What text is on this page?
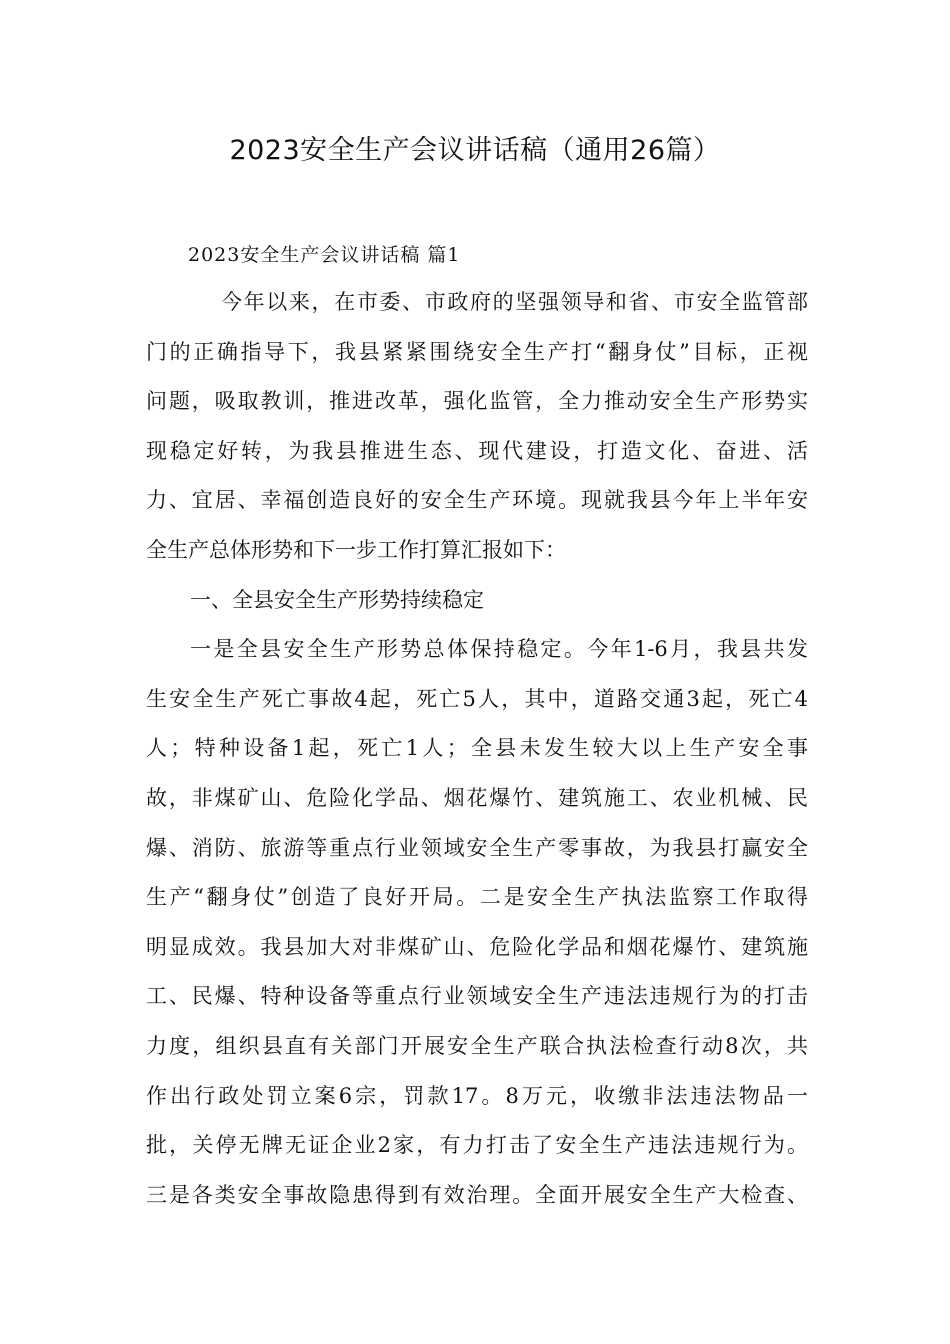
2023安全生产会议讲话稿（通用26篇）
2023安全生产会议讲话稿 篇1
今年以来，在市委、市政府的坚强领导和省、市安全监管部
门的正确指导下，我县紧紧围绕安全生产打“翻身仗”目标，正视
问题，吸取教训，推进改革，强化监管，全力推动安全生产形势实
现稳定好转，为我县推进生态、现代建设，打造文化、奋进、活
力、宜居、幸福创造良好的安全生产环境。现就我县今年上半年安
全生产总体形势和下一步工作打算汇报如下：
一、全县安全生产形势持续稳定
一是全县安全生产形势总体保持稳定。今年1-6月，我县共发
生安全生产死亡事故4起，死亡5人，其中，道路交通3起，死亡4
人；特种设备1起，死亡1人；全县未发生较大以上生产安全事
故，非煤矿山、危险化学品、烟花爆竹、建筑施工、农业机械、民
爆、消防、旅游等重点行业领域安全生产零事故，为我县打赢安全
生产“翻身仗”创造了良好开局。二是安全生产执法监察工作取得
明显成效。我县加大对非煤矿山、危险化学品和烟花爆竹、建筑施
工、民爆、特种设备等重点行业领域安全生产违法违规行为的打击
力度，组织县直有关部门开展安全生产联合执法检查行动8次，共
作出行政处罚立案6宗，罚款17。8万元，收缴非法违法物品一
批，关停无牌无证企业2家，有力打击了安全生产违法违规行为。
三是各类安全事故隐患得到有效治理。全面开展安全生产大检查、
